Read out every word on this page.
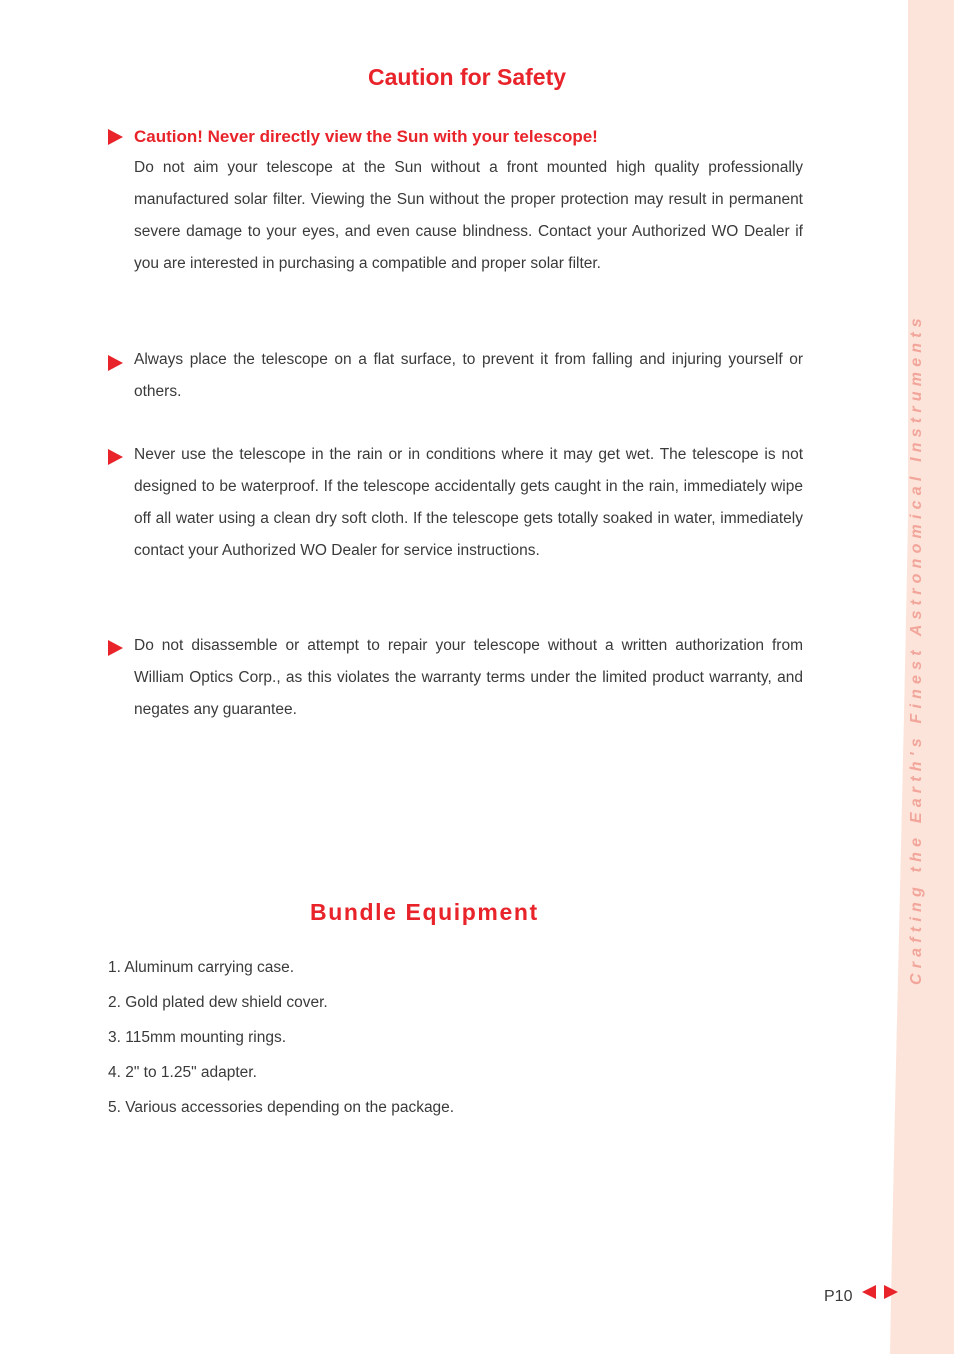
Crafting the Earth's Finest Astronomical Instruments
Caution for Safety
Caution! Never directly view the Sun with your telescope!
Do not aim your telescope at the Sun without a front mounted high quality professionally manufactured solar filter. Viewing the Sun without the proper protection may result in permanent severe damage to your eyes, and even cause blindness. Contact your Authorized WO Dealer if you are interested in purchasing a compatible and proper solar filter.
Always place the telescope on a flat surface, to prevent it from falling and injuring yourself or others.
Never use the telescope in the rain or in conditions where it may get wet. The telescope is not designed to be waterproof. If the telescope accidentally gets caught in the rain, immediately wipe off all water using a clean dry soft cloth. If the telescope gets totally soaked in water, immediately contact your Authorized WO Dealer for service instructions.
Do not disassemble or attempt to repair your telescope without a written authorization from William Optics Corp., as this violates the warranty terms under the limited product warranty, and negates any guarantee.
Bundle Equipment
1. Aluminum carrying case.
2. Gold plated dew shield cover.
3. 115mm mounting rings.
4. 2" to 1.25" adapter.
5. Various accessories depending on the package.
P10
